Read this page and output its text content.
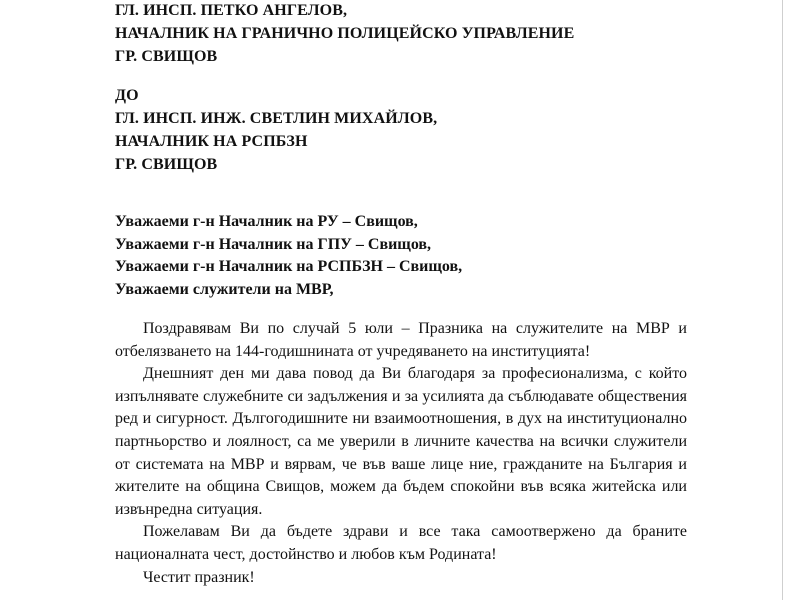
ГЛ. ИНСП. ПЕТКО АНГЕЛОВ,
НАЧАЛНИК НА ГРАНИЧНО ПОЛИЦЕЙСКО УПРАВЛЕНИЕ
ГР. СВИЩОВ
ДО
ГЛ. ИНСП. ИНЖ. СВЕТЛИН МИХАЙЛОВ,
НАЧАЛНИК НА РСПБЗН
ГР. СВИЩОВ
Уважаеми г-н Началник на РУ – Свищов,
Уважаеми г-н Началник на ГПУ – Свищов,
Уважаеми г-н Началник на РСПБЗН – Свищов,
Уважаеми служители на МВР,

Поздравявам Ви по случай 5 юли – Празника на служителите на МВР и отбелязването на 144-годишнината от учредяването на институцията!

Днешният ден ми дава повод да Ви благодаря за професионализма, с който изпълнявате служебните си задължения и за усилията да съблюдавате обществения ред и сигурност. Дългогодишните ни взаимоотношения, в дух на институционално партньорство и лоялност, са ме уверили в личните качества на всички служители от системата на МВР и вярвам, че във ваше лице ние, гражданите на България и жителите на община Свищов, можем да бъдем спокойни във всяка житейска или извънредна ситуация.

Пожелавам Ви да бъдете здрави и все така самоотвержено да браните националната чест, достойнство и любов към Родината!

Честит празник!
